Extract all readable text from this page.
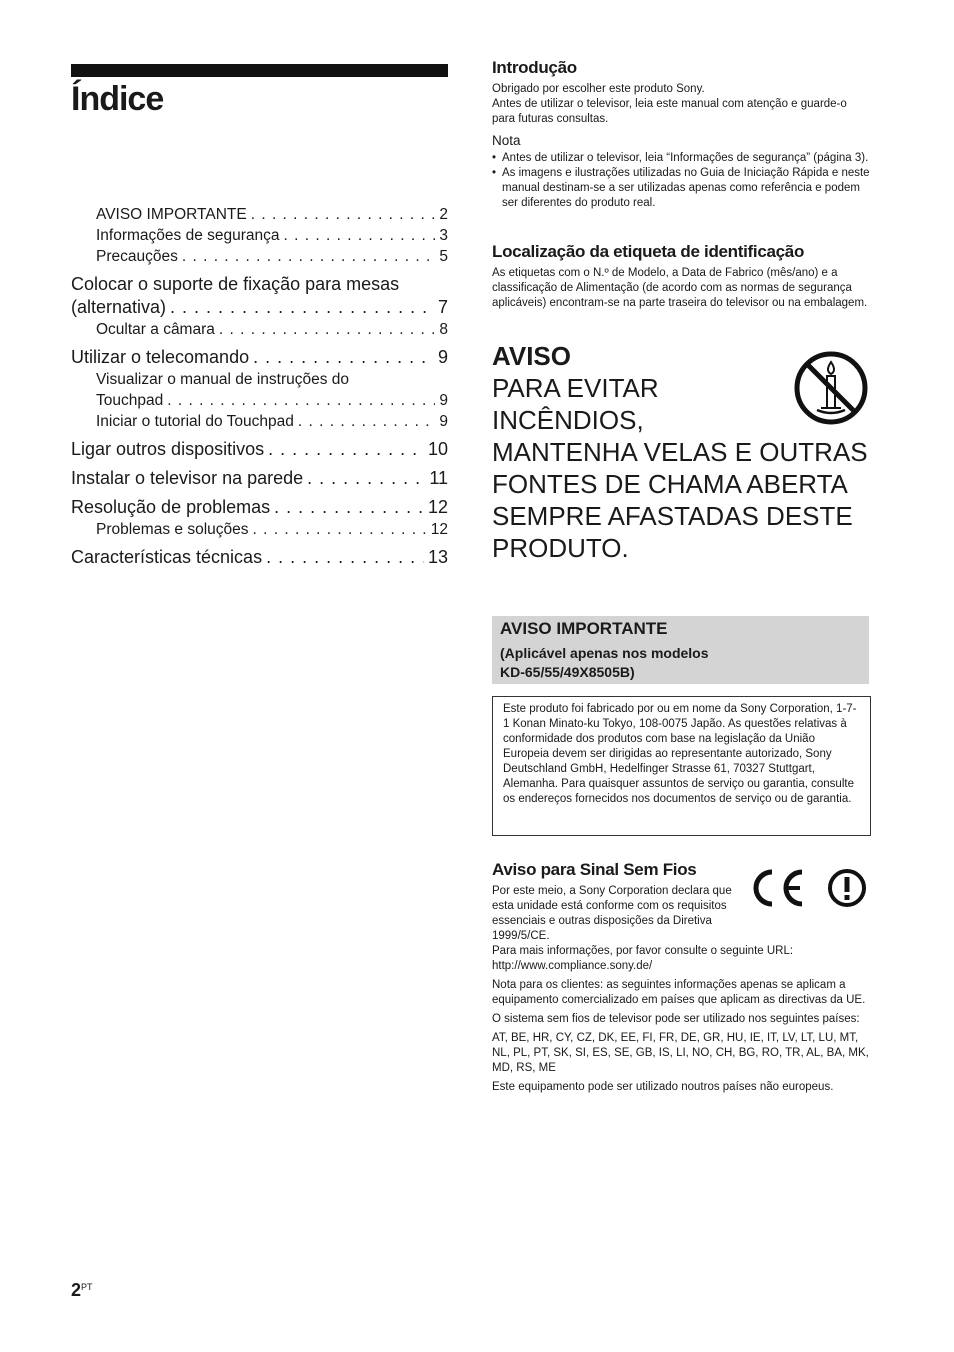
Índice
AVISO IMPORTANTE . . .	2
Informações de segurança . . .	3
Precauções . . .	5
Colocar o suporte de fixação para mesas
(alternativa) . . .	7
Ocultar a câmara . . .	8
Utilizar o telecomando . . .	9
Visualizar o manual de instruções do
Touchpad . . .	9
Iniciar o tutorial do Touchpad . . .	9
Ligar outros dispositivos . . .	10
Instalar o televisor na parede . . .	11
Resolução de problemas . . .	12
Problemas e soluções . . .	12
Características técnicas . . .	13
Introdução

Obrigado por escolher este produto Sony.

Antes de utilizar o televisor, leia este manual com atenção e guarde-o para futuras consultas.

Nota
• Antes de utilizar o televisor, leia “Informações de segurança” (página 3).
• As imagens e ilustrações utilizadas no Guia de Iniciação Rápida e neste manual destinam-se a ser utilizadas apenas como referência e podem ser diferentes do produto real.
Localização da etiqueta de identificação

As etiquetas com o N.º de Modelo, a Data de Fabrico (mês/ano) e a classificação de Alimentação (de acordo com as normas de segurança aplicáveis) encontram-se na parte traseira do televisor ou na embalagem.

AVISO
PARA EVITAR
INCÊNDIOS,
MANTENHA VELAS E OUTRAS
FONTES DE CHAMA ABERTA
SEMPRE AFASTADAS DESTE
PRODUTO.
AVISO IMPORTANTE
(Aplicável apenas nos modelos
KD-65/55/49X8505B)
Este produto foi fabricado por ou em nome da Sony Corporation, 1-7-1 Konan Minato-ku Tokyo, 108-0075 Japão. As questões relativas à conformidade dos produtos com base na legislação da União Europeia devem ser dirigidas ao representante autorizado, Sony Deutschland GmbH, Hedelfinger Strasse 61, 70327 Stuttgart, Alemanha. Para quaisquer assuntos de serviço ou garantia, consulte os endereços fornecidos nos documentos de serviço ou de garantia.
Aviso para Sinal Sem Fios

Por este meio, a Sony Corporation declara que esta unidade está conforme com os requisitos essenciais e outras disposições da Diretiva 1999/5/CE.

Para mais informações, por favor consulte o seguinte URL:

http://www.compliance.sony.de/

Nota para os clientes: as seguintes informações apenas se aplicam a equipamento comercializado em países que aplicam as directivas da UE.

O sistema sem fios de televisor pode ser utilizado nos seguintes países:

AT, BE, HR, CY, CZ, DK, EE, FI, FR, DE, GR, HU, IE, IT, LV, LT, LU, MT, NL, PL, PT, SK, SI, ES, SE, GB, IS, LI, NO, CH, BG, RO, TR, AL, BA, MK, MD, RS, ME

Este equipamento pode ser utilizado noutros países não europeus.

$2^{PT}$
